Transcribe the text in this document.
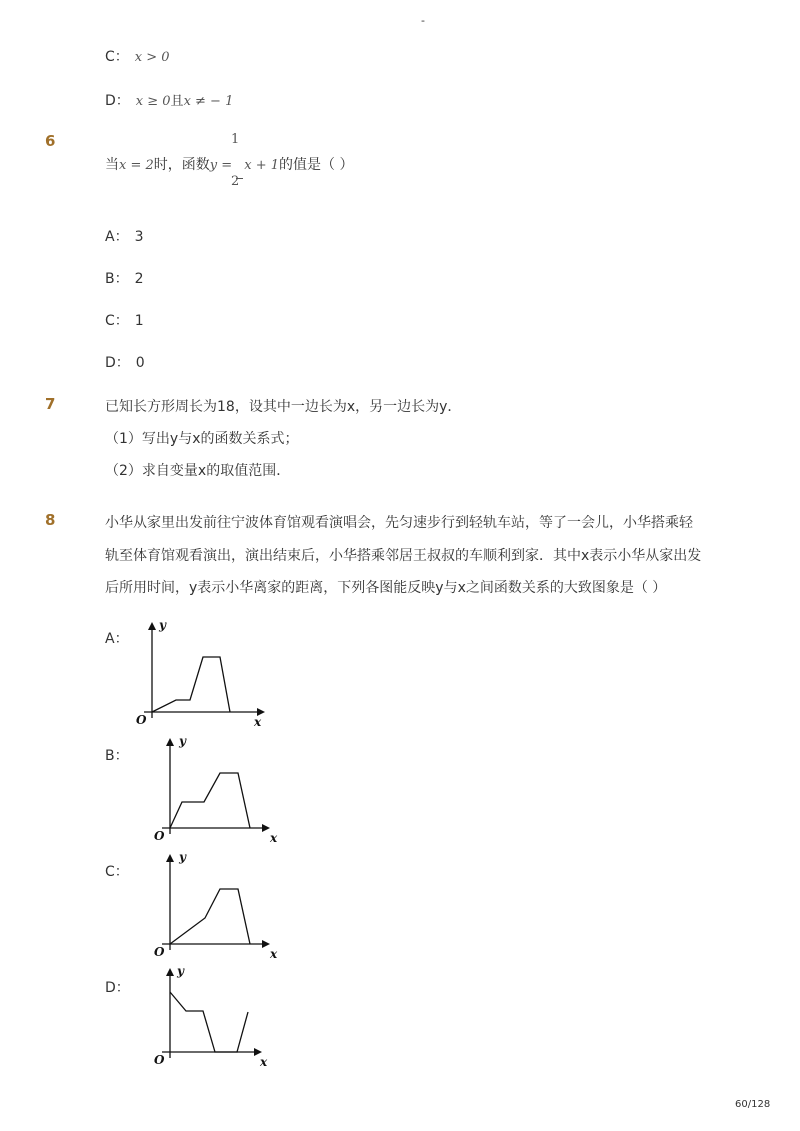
-
C： x > 0
D： x ≥ 0且x ≠ − 1
6
当x = 2时，函数y =
x + 1的值是（ ）
1
2
A： 3
B： 2
C： 1
D： 0
7	已知长方形周长为18，设其中一边长为x，另一边长为y．
（1）写出y与x的函数关系式；
（2）求自变量x的取值范围．
8	小华从家里出发前往宁波体育馆观看演唱会，先匀速步行到轻轨车站，等了一会儿，小华搭乘轻
轨至体育馆观看演出，演出结束后，小华搭乘邻居王叔叔的车顺利到家．其中x表示小华从家出发
后所用时间，y表示小华离家的距离，下列各图能反映y与x之间函数关系的大致图象是（ ）
A：
B：
C：
D：
y
O	x
y
O	x
y
O	x
y
O	x
60/128
